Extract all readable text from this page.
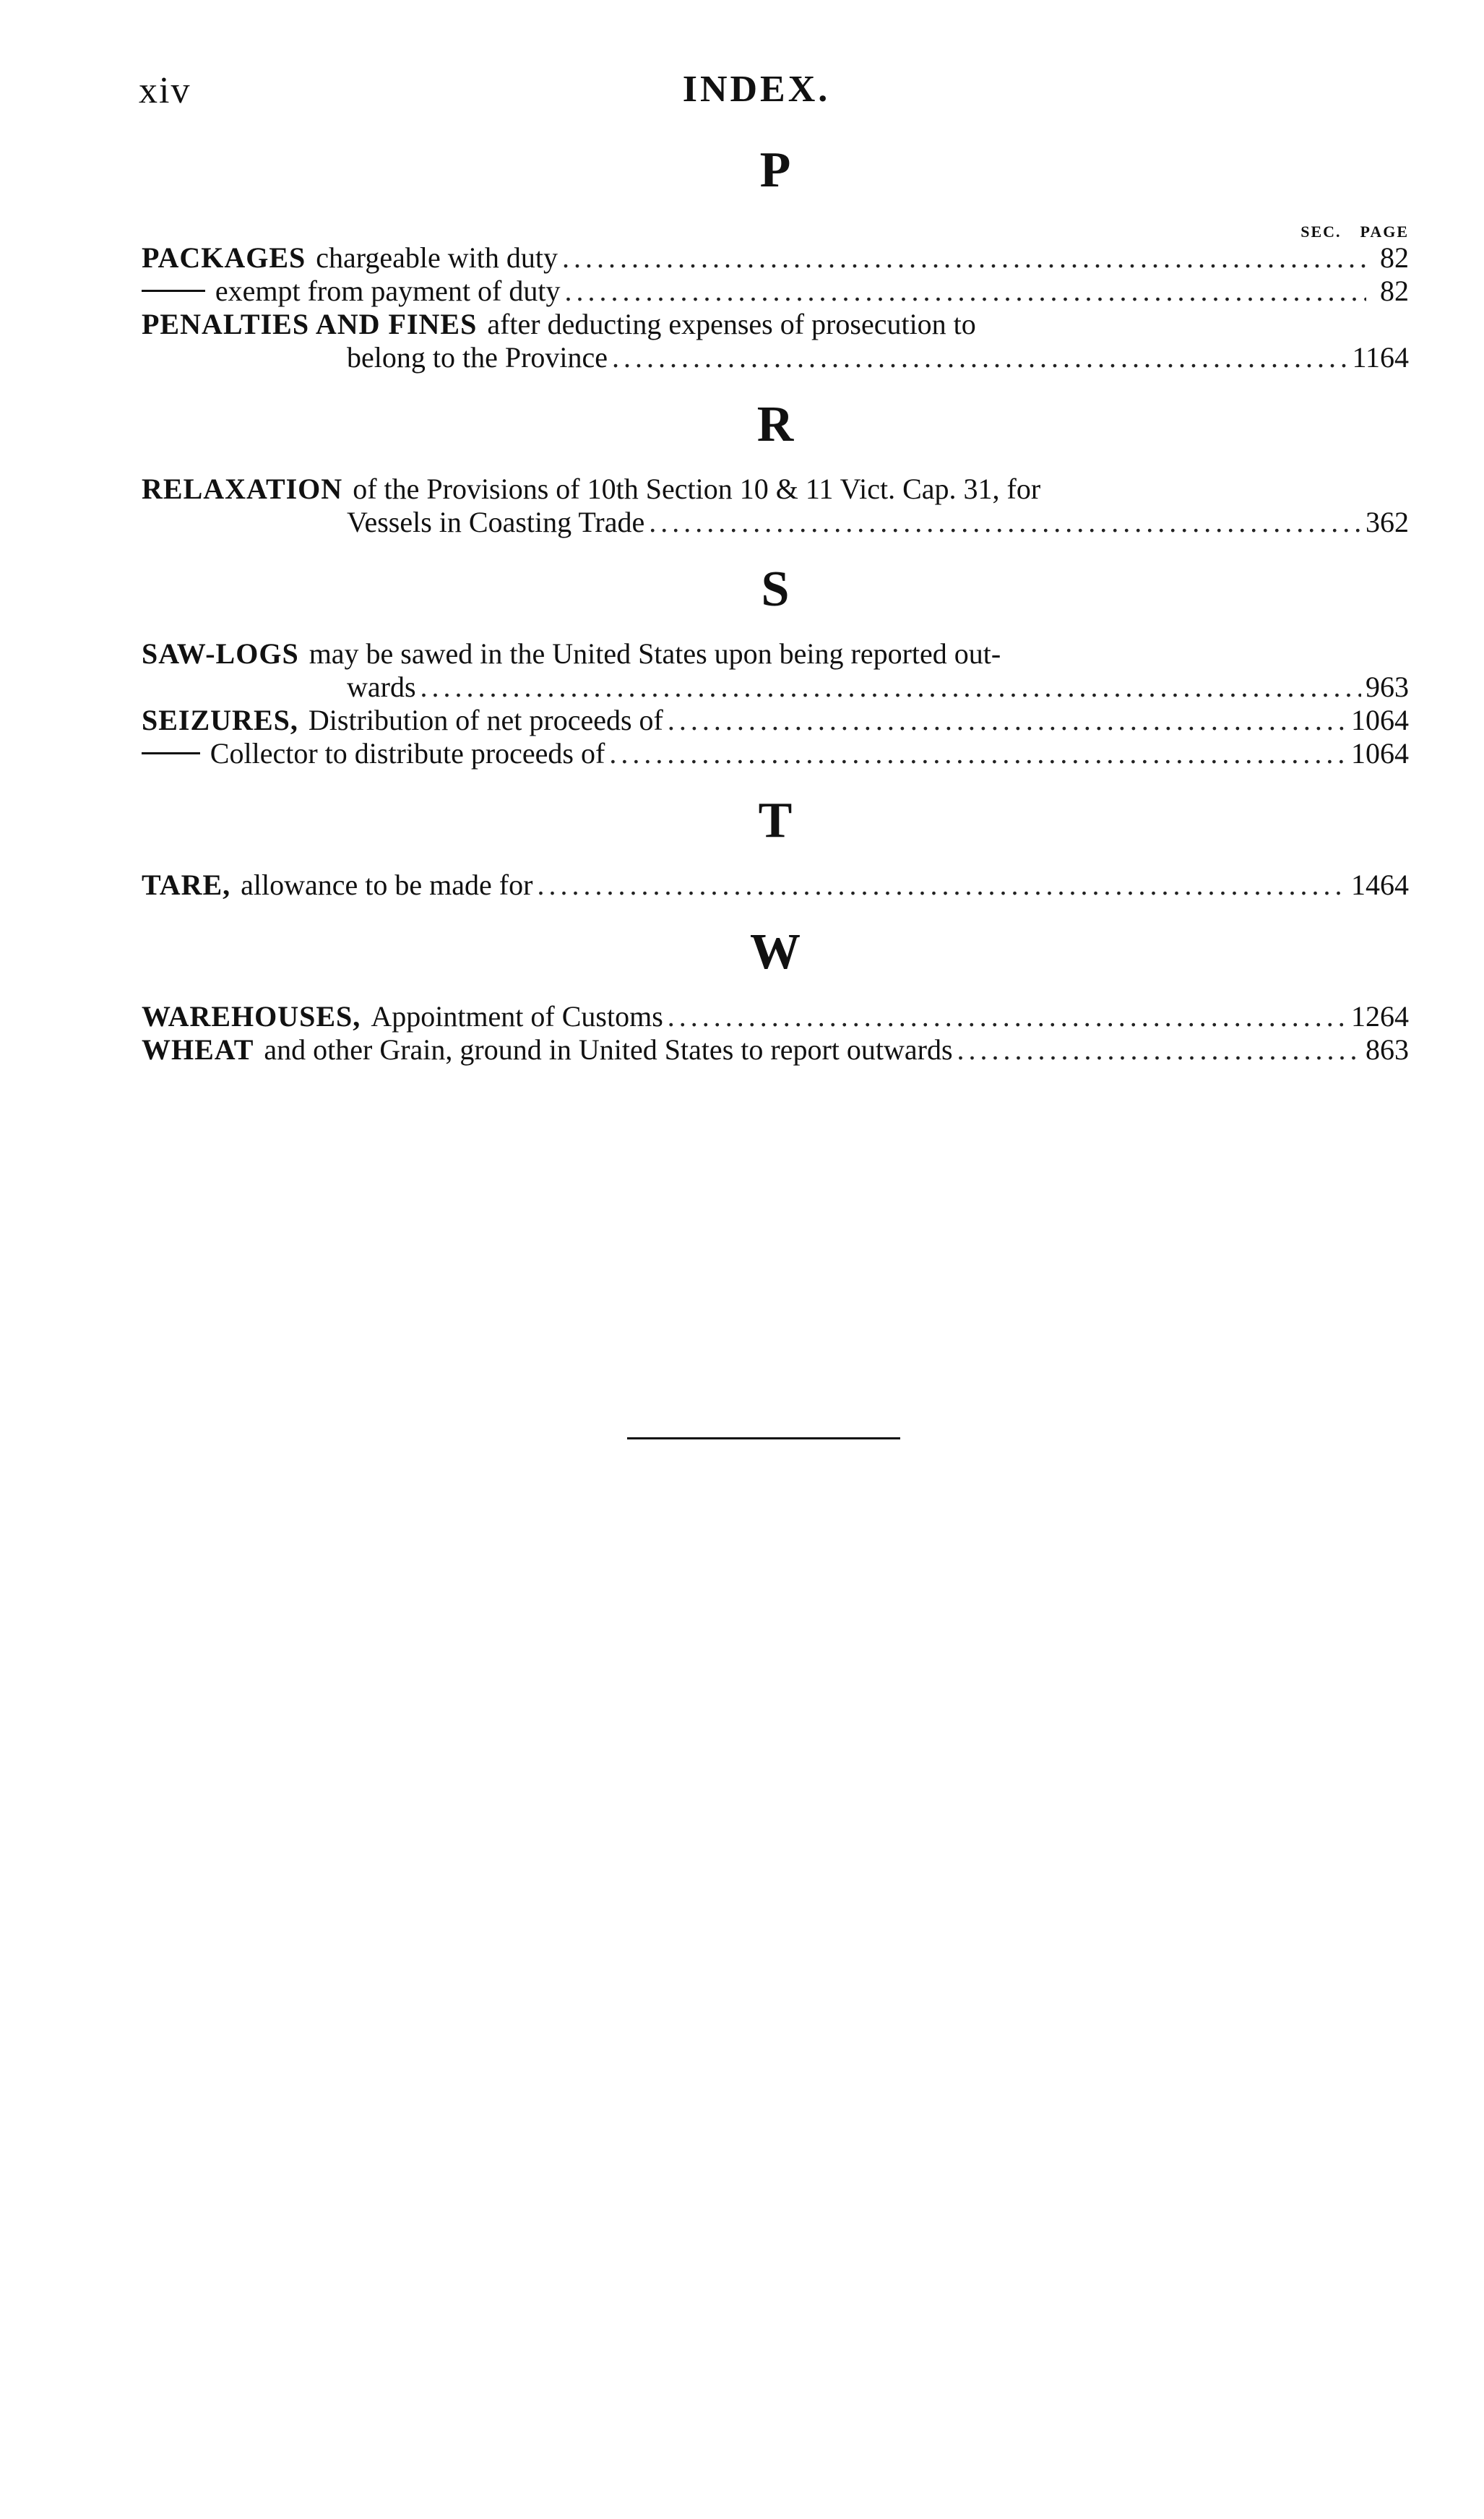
xiv	INDEX.
P
SEC. PAGE
PACKAGES chargeable with duty .....	82
exempt from payment of duty .....	82
PENALTIES AND FINES after deducting expenses of prosecution to
belong to the Province .....	11 64
R
RELAXATION of the Provisions of 10th Section 10 & 11 Vict. Cap. 31, for
Vessels in Coasting Trade .....	3 62
S
SAW-LOGS may be sawed in the United States upon being reported out-
wards .....	9 63
SEIZURES, Distribution of net proceeds of .....	10 64
Collector to distribute proceeds of .....	10 64
T
TARE, allowance to be made for .....	14 64
W
WAREHOUSES, Appointment of Customs .....	12 64
WHEAT and other Grain, ground in United States to report outwards .....	8 63
